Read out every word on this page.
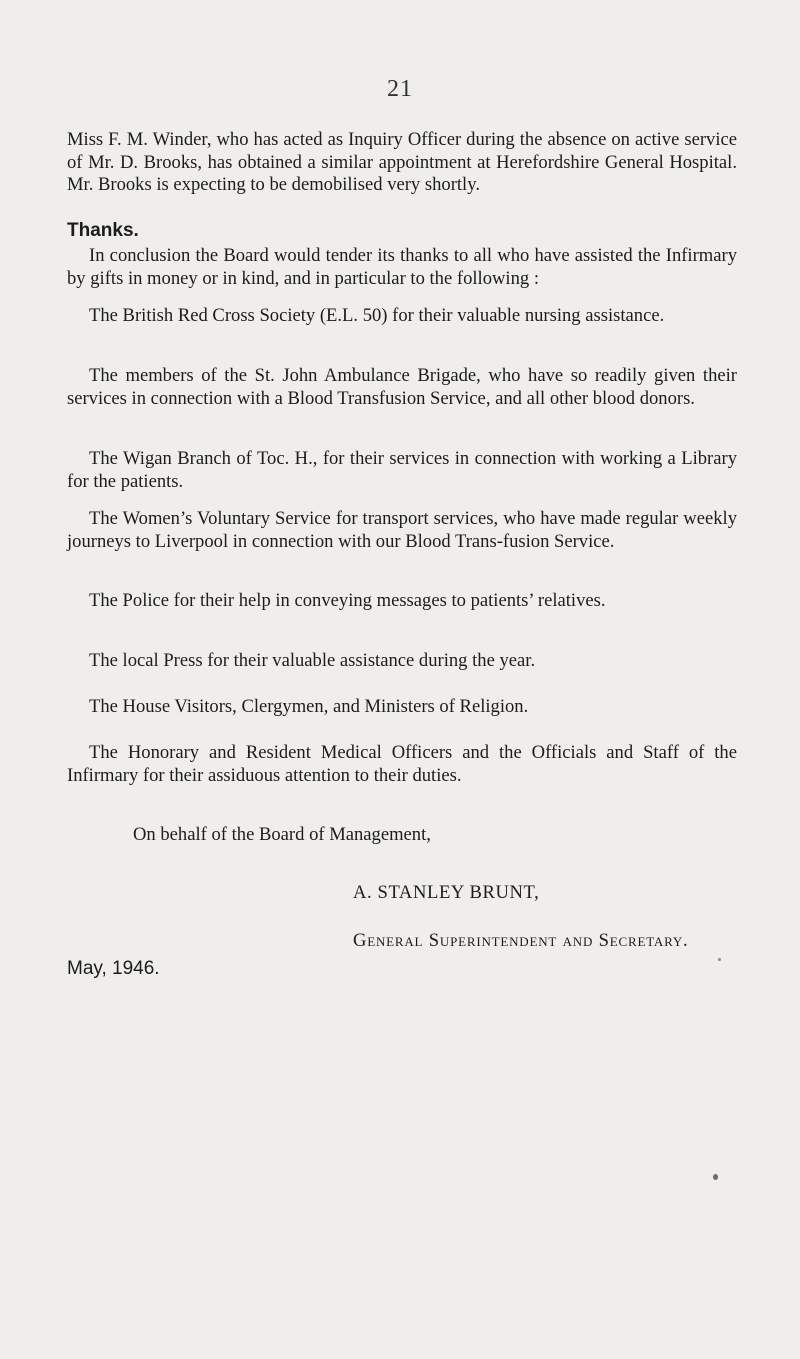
21

Miss F. M. Winder, who has acted as Inquiry Officer during the absence on active service of Mr. D. Brooks, has obtained a similar appointment at Herefordshire General Hospital. Mr. Brooks is expecting to be demobilised very shortly.

Thanks.

In conclusion the Board would tender its thanks to all who have assisted the Infirmary by gifts in money or in kind, and in particular to the following :

The British Red Cross Society (E.L. 50) for their valuable nursing assistance.

The members of the St. John Ambulance Brigade, who have so readily given their services in connection with a Blood Transfusion Service, and all other blood donors.

The Wigan Branch of Toc. H., for their services in connection with working a Library for the patients.

The Women’s Voluntary Service for transport services, who have made regular weekly journeys to Liverpool in connection with our Blood Trans-fusion Service.

The Police for their help in conveying messages to patients’ relatives.

The local Press for their valuable assistance during the year.

The House Visitors, Clergymen, and Ministers of Religion.

The Honorary and Resident Medical Officers and the Officials and Staff of the Infirmary for their assiduous attention to their duties.

On behalf of the Board of Management,
A. STANLEY BRUNT,
General Superintendent and Secretary.
May, 1946.
